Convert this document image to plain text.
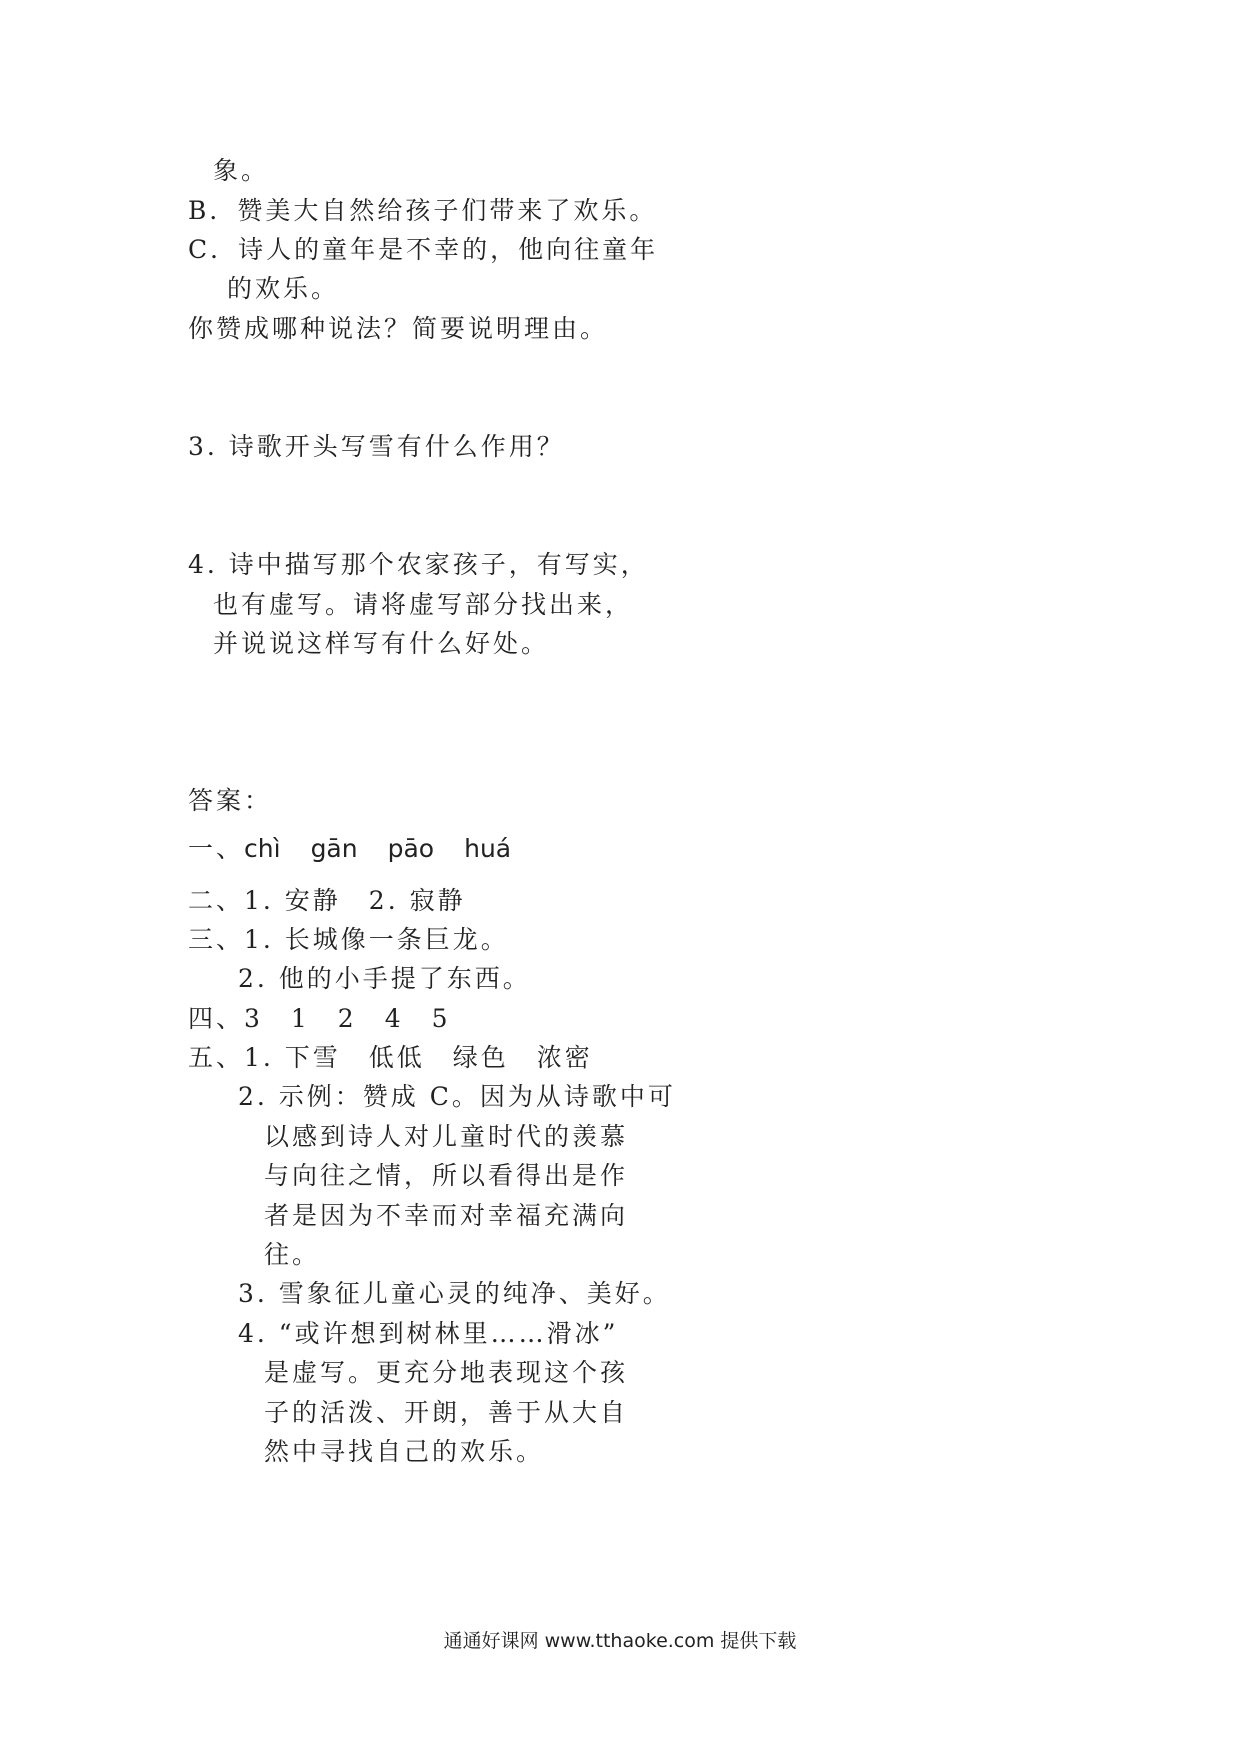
象。
B．赞美大自然给孩子们带来了欢乐。
C．诗人的童年是不幸的，他向往童年
的欢乐。
你赞成哪种说法？简要说明理由。
3. 诗歌开头写雪有什么作用？
4. 诗中描写那个农家孩子，有写实，
也有虚写。请将虚写部分找出来，
并说说这样写有什么好处。
答案：
一、chì gān pāo huá
二、1. 安静　2. 寂静
三、1. 长城像一条巨龙。
2. 他的小手提了东西。
四、3　1　2　4　5
五、1. 下雪　低低　绿色　浓密
2. 示例：赞成 C。因为从诗歌中可
以感到诗人对儿童时代的羡慕
与向往之情，所以看得出是作
者是因为不幸而对幸福充满向
往。
3. 雪象征儿童心灵的纯净、美好。
4. “或许想到树林里……滑冰”
是虚写。更充分地表现这个孩
子的活泼、开朗，善于从大自
然中寻找自己的欢乐。
通通好课网 www.tthaoke.com 提供下载
